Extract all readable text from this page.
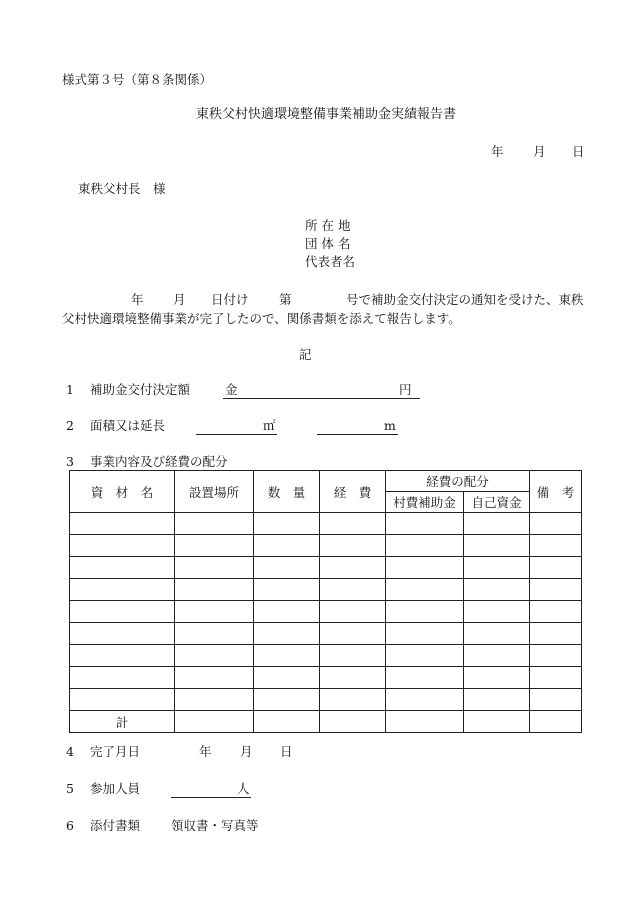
様式第３号（第８条関係）
東秩父村快適環境整備事業補助金実績報告書
年 月 日
東秩父村長　様
所 在 地
団 体 名
代表者名
年 月 日付け 第	号で補助金交付決定の通知を受けた、東秩
父村快適環境整備事業が完了したので、関係書類を添えて報告します。
記
1 補助金交付決定額	金	円
2 面積又は延長	㎡	m
3 事業内容及び経費の配分
資　材　名	設置場所	数　量	経　費	経費の配分		備　考
				村費補助金	自己資金	

計						
4 完了月日	年 月 日
5 参加人員	人
6 添付書類 領収書・写真等
